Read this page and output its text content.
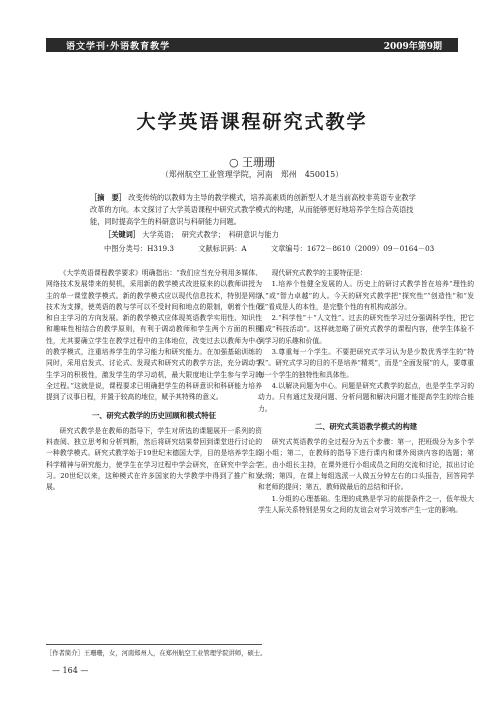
语文学刊·外语教育教学	2009年第9期
大学英语课程研究式教学
○ 王珊珊
（郑州航空工业管理学院，河南　郑州　450015）
［摘　要］ 改变传统的以教师为主导的教学模式，培养高素质的创新型人才是当前高校非英语专业教学改革的方向。本文探讨了大学英语课程中研究式教学模式的构建，从而能够更好地培养学生综合英语技能，同时提高学生的科研意识与科研能力问题。
［关键词］ 大学英语；　研究式教学；　科研意识与能力
中图分类号：H319.3	文献标识码：A	文章编号：1672－8610（2009）09－0164－03

《大学英语课程教学要求》明确指出：“我们应当充分利用多媒体、网络技术发展带来的契机，采用新的教学模式改进原来的以教师讲授为主的单一课堂教学模式。新的教学模式应以现代信息技术，特别是网络技术为支撑，使英语的教与学可以不受时间和地点的限制，朝着个性化和自主学习的方向发展。新的教学模式应体现英语教学实用性、知识性和趣味性相结合的教学原则，有利于调动教师和学生两个方面的积极性，尤其要确立学生在教学过程中的主体地位，改变过去以教师为中心的教学模式，注重培养学生的学习能力和研究能力。在加强基础训练的同时，采用启发式、讨论式、发现式和研究式的教学方法，充分调动学生学习的积极性，激发学生的学习动机，最大限度地让学生参与学习的全过程。”这就是说，课程要求已明确把学生的科研意识和科研能力培养提到了议事日程，并置于较高的地位，赋予其特殊的意义。

一、研究式教学的历史回顾和模式特征

研究式教学是在教师的指导下，学生对所选的课题展开一系列的资料查阅、独立思考和分析判断，然后将研究结果带回到课堂进行讨论的一种教学模式。研究式教学始于19世纪末德国大学，目的是培养学生的科学精神与研究能力，使学生在学习过程中学会研究，在研究中学会学习。20世纪以来，这种模式在许多国家的大学教学中得到了推广和发展。

现代研究式教学的主要特征是：

1.培养个性健全发展的人。历史上的研讨式教学旨在培养“理性的人”或“智力卓越”的人。今天的研究式教学把“探究性”“创造性”和“发现”看成是人的本性，是完整个性的有机构成部分。

2.“科学性”＋“人文性”。过去的研究性学习过分强调科学性，把它看成“科技活动”。这样就忽略了研究式教学的课程内容，使学生体验不到学习的乐趣和价值。

3.尊重每一个学生。不要把研究式学习认为是少数优秀学生的“特权”。研究式学习的目的不是培养“精英”，而是“全面发展”的人，要尊重每一个学生的独特性和具体性。

4.以解决问题为中心。问题是研究式教学的起点，也是学生学习的动力。只有通过发现问题、分析问题和解决问题才能提高学生的综合能力。

二、研究式英语教学模式的构建

研究式英语教学的全过程分为五个步骤：第一，把班级分为多个学习小组；第二，在教师的指导下进行课内和课外阅读内容的选题；第三，由小组长主持，在课外进行小组成员之间的交流和讨论，拟出讨论大纲；第四，在课上每组选派一人做五分钟左右的口头报告，回答同学和老师的提问；第五，教师做最后的总结和评价。

1.分组的心理基础。生理的成熟是学习的前提条件之一，低年级大学生人际关系特别是男女之间的友谊会对学习效率产生一定的影响。

［作者简介］王珊珊，女，河南郑州人，在郑州航空工业管理学院讲师，硕士。
— 164 —
